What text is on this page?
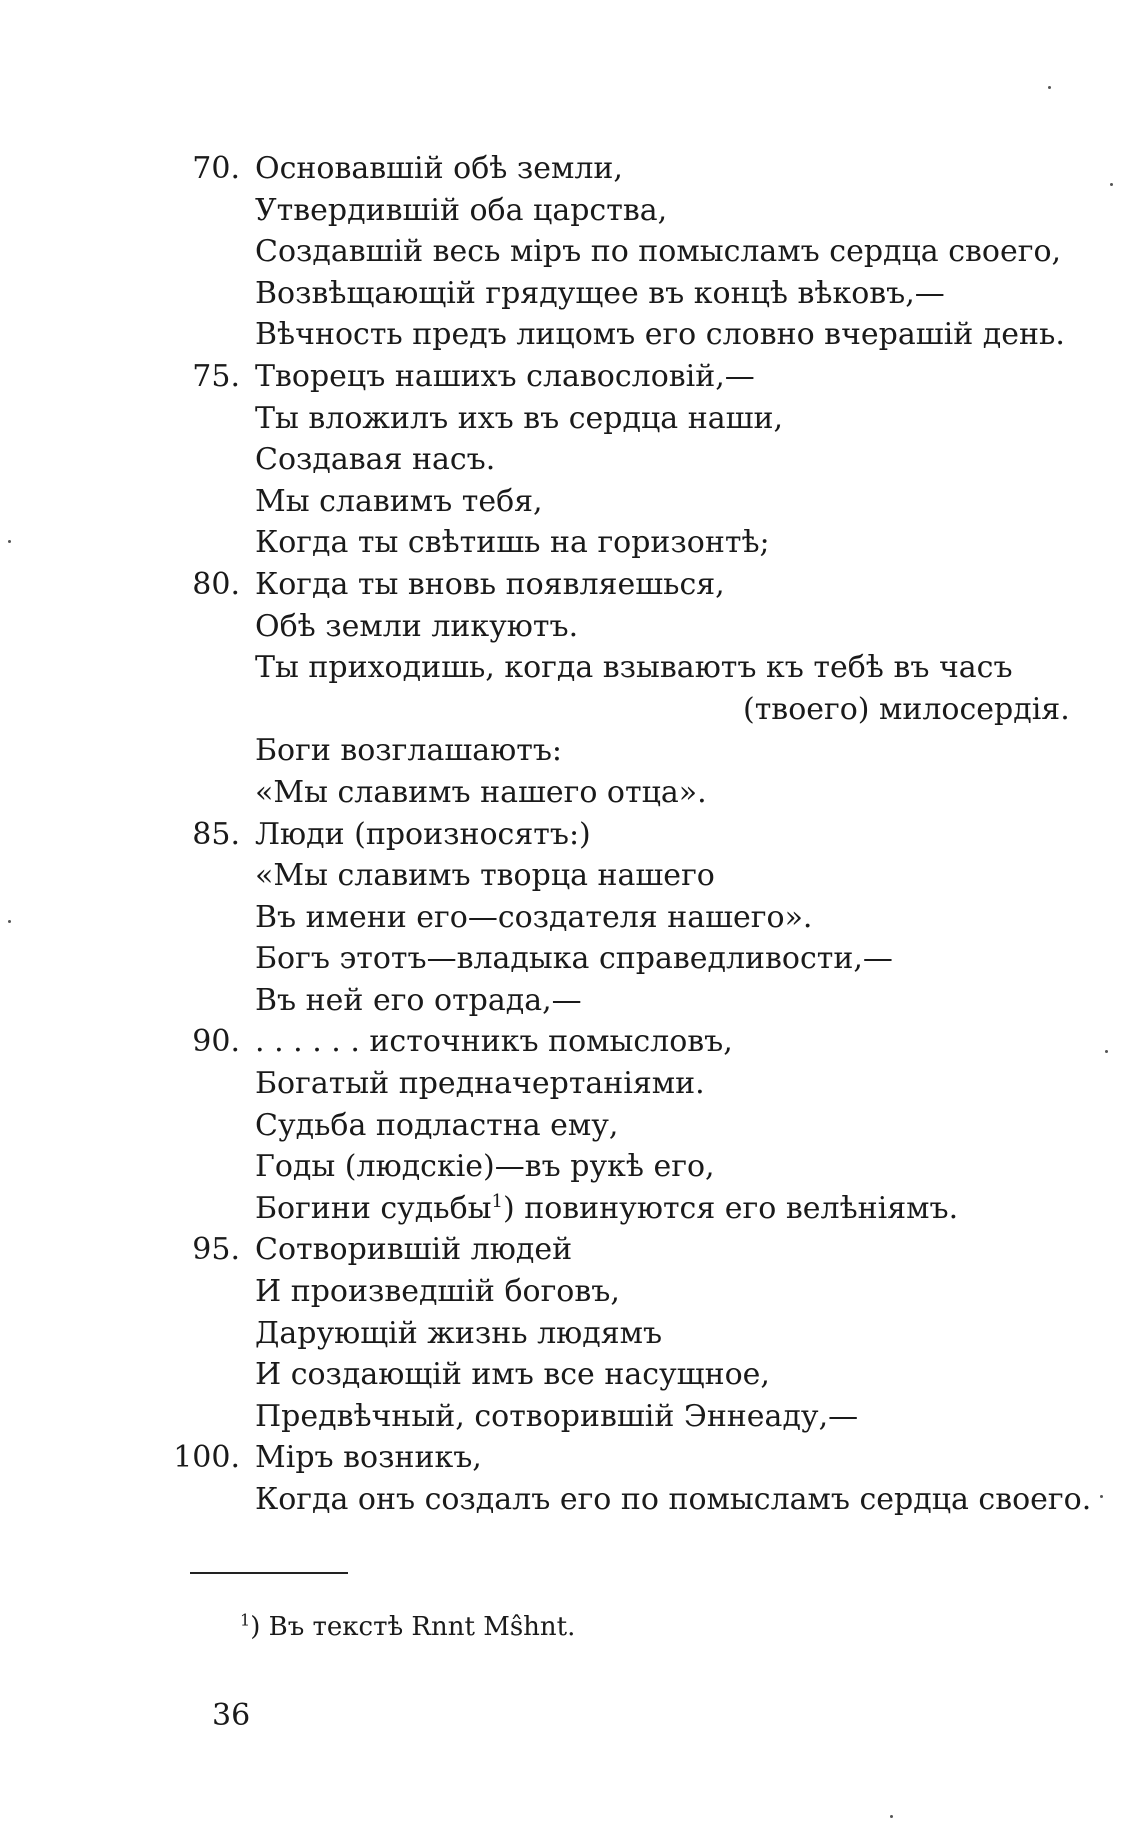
70. Основавшій обѣ земли,
Утвердившій оба царства,
Создавшій весь міръ по помысламъ сердца своего,
Возвѣщающій грядущее въ концѣ вѣковъ,—
Вѣчность предъ лицомъ его словно вчерашій день.
75. Творецъ нашихъ славословій,—
Ты вложилъ ихъ въ сердца наши,
Создавая насъ.
Мы славимъ тебя,
Когда ты свѣтишь на горизонтѣ;
80. Когда ты вновь появляешься,
Обѣ земли ликуютъ.
Ты приходишь, когда взываютъ къ тебѣ въ часъ
(твоего) милосердія.
Боги возглашаютъ:
«Мы славимъ нашего отца».
85. Люди (произносятъ:)
«Мы славимъ творца нашего
Въ имени его—создателя нашего».
Богъ этотъ—владыка справедливости,—
Въ ней его отрада,—
90. . . . . . . источникъ помысловъ,
Богатый предначертаніями.
Судьба подластна ему,
Годы (людскіе)—въ рукѣ его,
Богини судьбы$^1$) повинуются его велѣніямъ.
95. Сотворившій людей
И произведшій боговъ,
Дарующій жизнь людямъ
И создающій имъ все насущное,
Предвѣчный, сотворившій Эннеаду,—
100. Міръ возникъ,
Когда онъ создалъ его по помысламъ сердца своего.
$^1$) Въ текстѣ Rnnt Mŝhnt.
36
